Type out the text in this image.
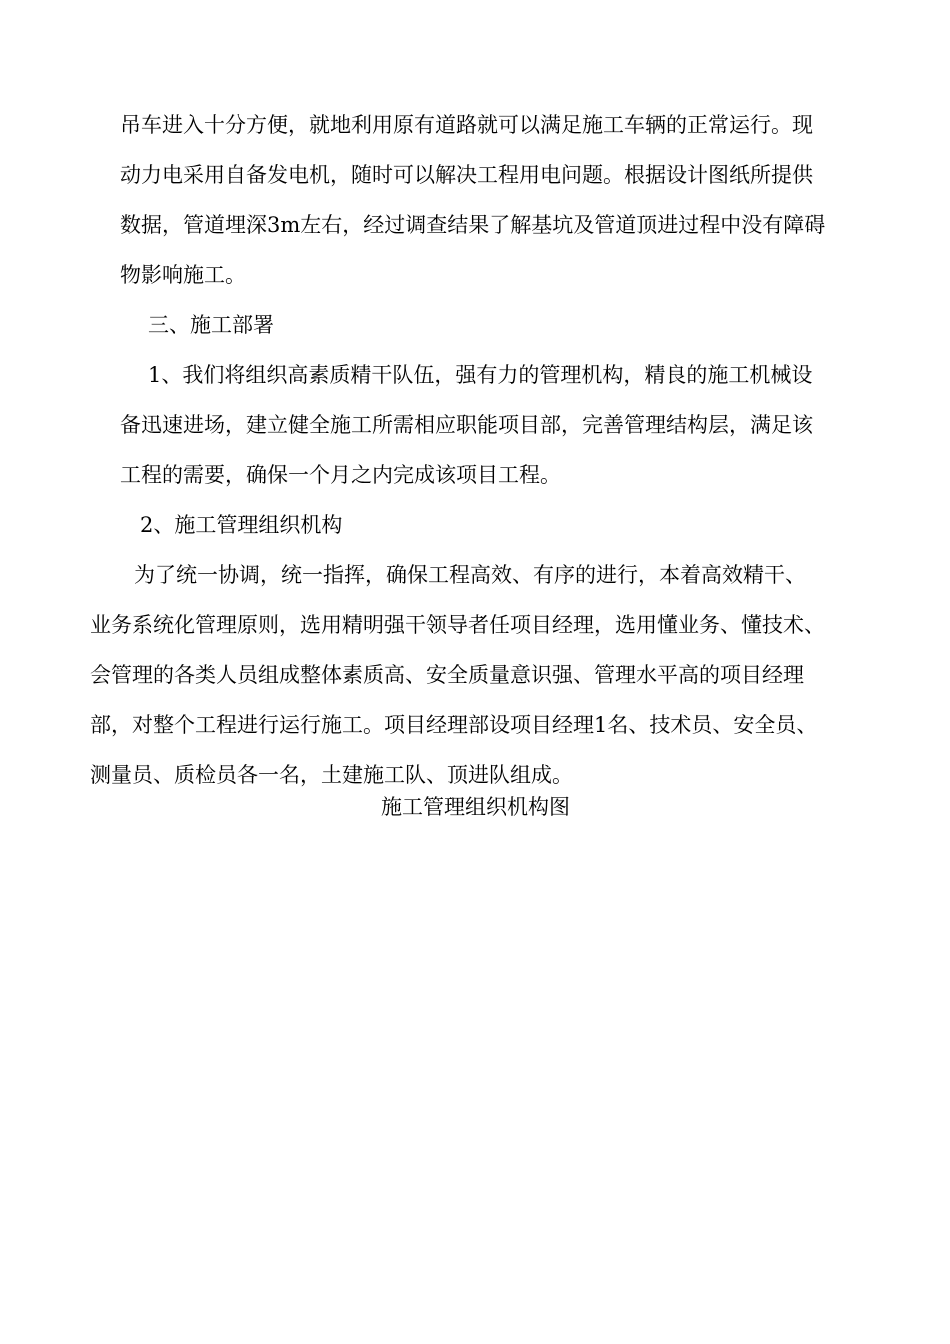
吊车进入十分方便，就地利用原有道路就可以满足施工车辆的正常运行。现

动力电采用自备发电机，随时可以解决工程用电问题。根据设计图纸所提供

数据，管道埋深3m左右，经过调查结果了解基坑及管道顶进过程中没有障碍

物影响施工。

三、施工部署

1、我们将组织高素质精干队伍，强有力的管理机构，精良的施工机械设

备迅速进场，建立健全施工所需相应职能项目部，完善管理结构层，满足该

工程的需要，确保一个月之内完成该项目工程。

2、施工管理组织机构

为了统一协调，统一指挥，确保工程高效、有序的进行，本着高效精干、

业务系统化管理原则，选用精明强干领导者任项目经理，选用懂业务、懂技术、

会管理的各类人员组成整体素质高、安全质量意识强、管理水平高的项目经理

部，对整个工程进行运行施工。项目经理部设项目经理1名、技术员、安全员、

测量员、质检员各一名，土建施工队、顶进队组成。

施工管理组织机构图
